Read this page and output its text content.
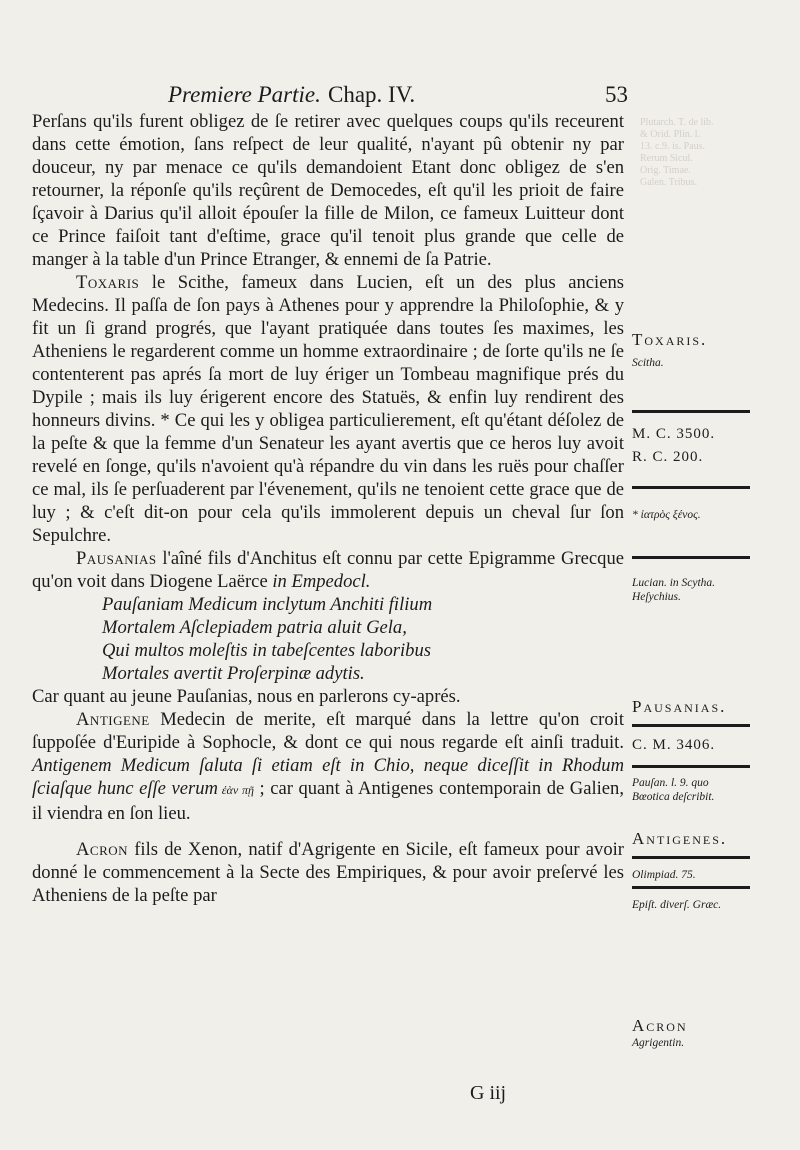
Plutarch. T. de lib.
& Orid. Plin. l.
13. c.9. is. Paus.
Rerum Sicul.
Orig. Timae.
Galen. Tribus.
Premiere Partie. Chap. IV.	53

Perſans qu'ils furent obligez de ſe retirer avec quelques coups qu'ils receurent dans cette émotion, ſans reſpect de leur qualité, n'ayant pû obtenir ny par douceur, ny par menace ce qu'ils demandoient Etant donc obligez de s'en retourner, la réponſe qu'ils reçûrent de Democedes, eſt qu'il les prioit de faire ſçavoir à Darius qu'il alloit épouſer la fille de Milon, ce fameux Luitteur dont ce Prince faiſoit tant d'eſtime, grace qu'il tenoit plus grande que celle de manger à la table d'un Prince Etranger, & ennemi de ſa Patrie.

Toxaris le Scithe, fameux dans Lucien, eſt un des plus anciens Medecins. Il paſſa de ſon pays à Athenes pour y apprendre la Philoſophie, & y fit un ſi grand progrés, que l'ayant pratiquée dans toutes ſes maximes, les Atheniens le regarderent comme un homme extraordinaire ; de ſorte qu'ils ne ſe contenterent pas aprés ſa mort de luy ériger un Tombeau magnifique prés du Dypile ; mais ils luy érigerent encore des Statuës, & enfin luy rendirent des honneurs divins. * Ce qui les y obligea particulierement, eſt qu'étant déſolez de la peſte & que la femme d'un Senateur les ayant avertis que ce heros luy avoit revelé en ſonge, qu'ils n'avoient qu'à répandre du vin dans les ruës pour chaſſer ce mal, ils ſe perſuaderent par l'évenement, qu'ils ne tenoient cette grace que de luy ; & c'eſt dit-on pour cela qu'ils immolerent depuis un cheval ſur ſon Sepulchre.

Pausanias l'aîné fils d'Anchitus eſt connu par cette Epigramme Grecque qu'on voit dans Diogene Laërce in Empedocl.

Pauſaniam Medicum inclytum Anchiti filium
Mortalem Aſclepiadem patria aluit Gela,
Qui multos moleſtis in tabeſcentes laboribus
Mortales avertit Proſerpinæ adytis.

Car quant au jeune Pauſanias, nous en parlerons cy-aprés.

Antigene Medecin de merite, eſt marqué dans la lettre qu'on croit ſuppoſée d'Euripide à Sophocle, & dont ce qui nous regarde eſt ainſi traduit. Antigenem Medicum ſaluta ſi etiam eſt in Chio, neque diceſſit in Rhodum ſciaſque hunc eſſe verum ἐὰν πῇ ; car quant à Antigenes contemporain de Galien, il viendra en ſon lieu.

Acron fils de Xenon, natif d'Agrigente en Sicile, eſt fameux pour avoir donné le commencement à la Secte des Empiriques, & pour avoir preſervé les Atheniens de la peſte par

Toxaris.
Scitha.
M. C. 3500.
R. C. 200.
* ἰατρὸς ξένος.
Lucian. in Scytha.
Heſychius.
Pausanias.
C. M. 3406.
Pauſan. l. 9. quo
Bœotica deſcribit.
Antigenes.
Olimpiad. 75.
Epiſt. diverſ. Græc.
Acron
Agrigentin.
G iij
